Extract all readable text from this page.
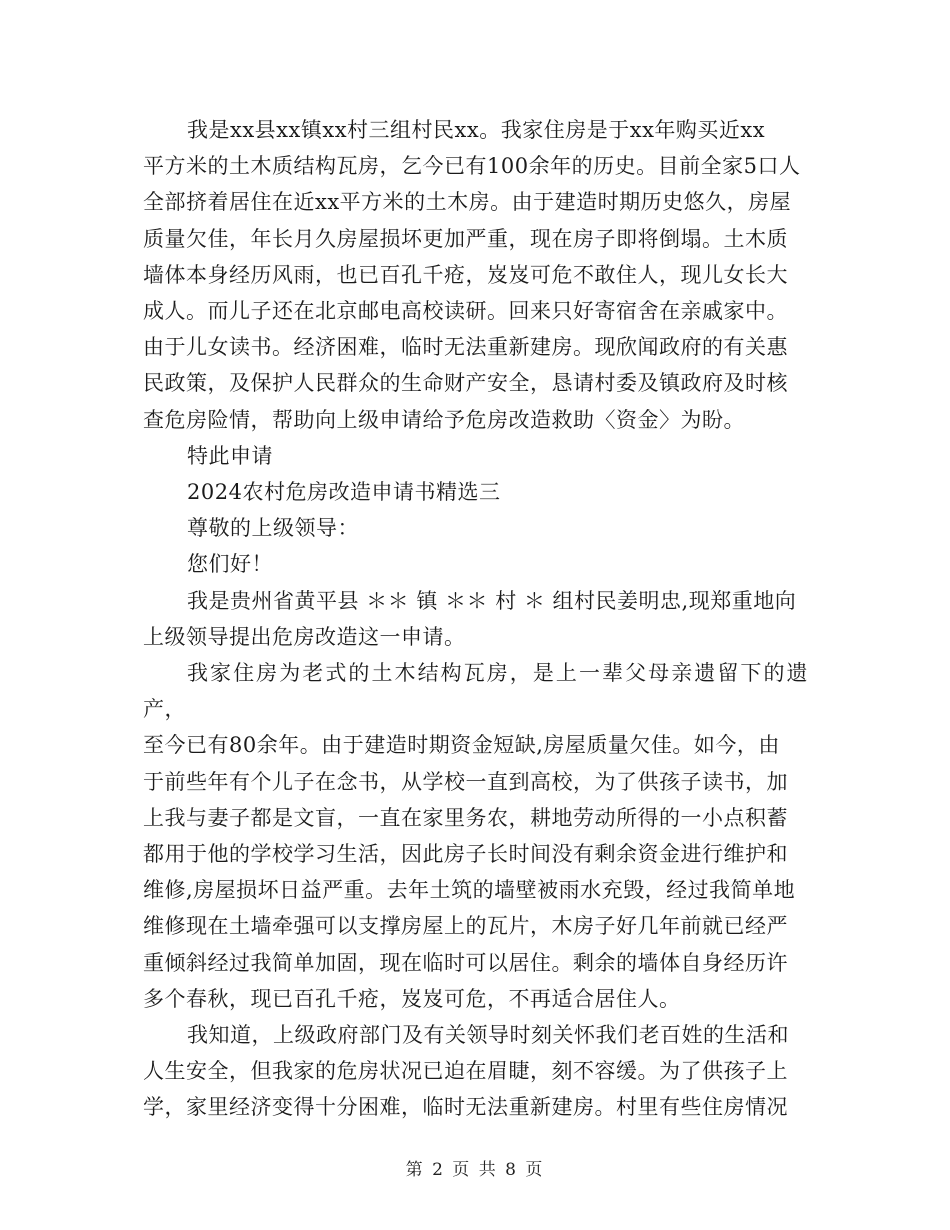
我是xx县xx镇xx村三组村民xx。我家住房是于xx年购买近xx
平方米的土木质结构瓦房，乞今已有100余年的历史。目前全家5口人
全部挤着居住在近xx平方米的土木房。由于建造时期历史悠久，房屋
质量欠佳，年长月久房屋损坏更加严重，现在房子即将倒塌。土木质
墙体本身经历风雨，也已百孔千疮，岌岌可危不敢住人，现儿女长大
成人。而儿子还在北京邮电高校读研。回来只好寄宿舍在亲戚家中。
由于儿女读书。经济困难，临时无法重新建房。现欣闻政府的有关惠
民政策，及保护人民群众的生命财产安全，恳请村委及镇政府及时核
查危房险情，帮助向上级申请给予危房改造救助〈资金〉为盼。

特此申请

2024农村危房改造申请书精选三

尊敬的上级领导：

您们好！

我是贵州省黄平县 ＊＊ 镇 ＊＊ 村 ＊ 组村民姜明忠,现郑重地向
上级领导提出危房改造这一申请。

我家住房为老式的土木结构瓦房，是上一辈父母亲遗留下的遗产，
至今已有80余年。由于建造时期资金短缺,房屋质量欠佳。如今，由
于前些年有个儿子在念书，从学校一直到高校，为了供孩子读书，加
上我与妻子都是文盲，一直在家里务农，耕地劳动所得的一小点积蓄
都用于他的学校学习生活，因此房子长时间没有剩余资金进行维护和
维修,房屋损坏日益严重。去年土筑的墙壁被雨水充毁，经过我简单地
维修现在土墙牵强可以支撑房屋上的瓦片，木房子好几年前就已经严
重倾斜经过我简单加固，现在临时可以居住。剩余的墙体自身经历许
多个春秋，现已百孔千疮，岌岌可危，不再适合居住人。

我知道，上级政府部门及有关领导时刻关怀我们老百姓的生活和
人生安全，但我家的危房状况已迫在眉睫，刻不容缓。为了供孩子上
学，家里经济变得十分困难，临时无法重新建房。村里有些住房情况

第 2 页 共 8 页
